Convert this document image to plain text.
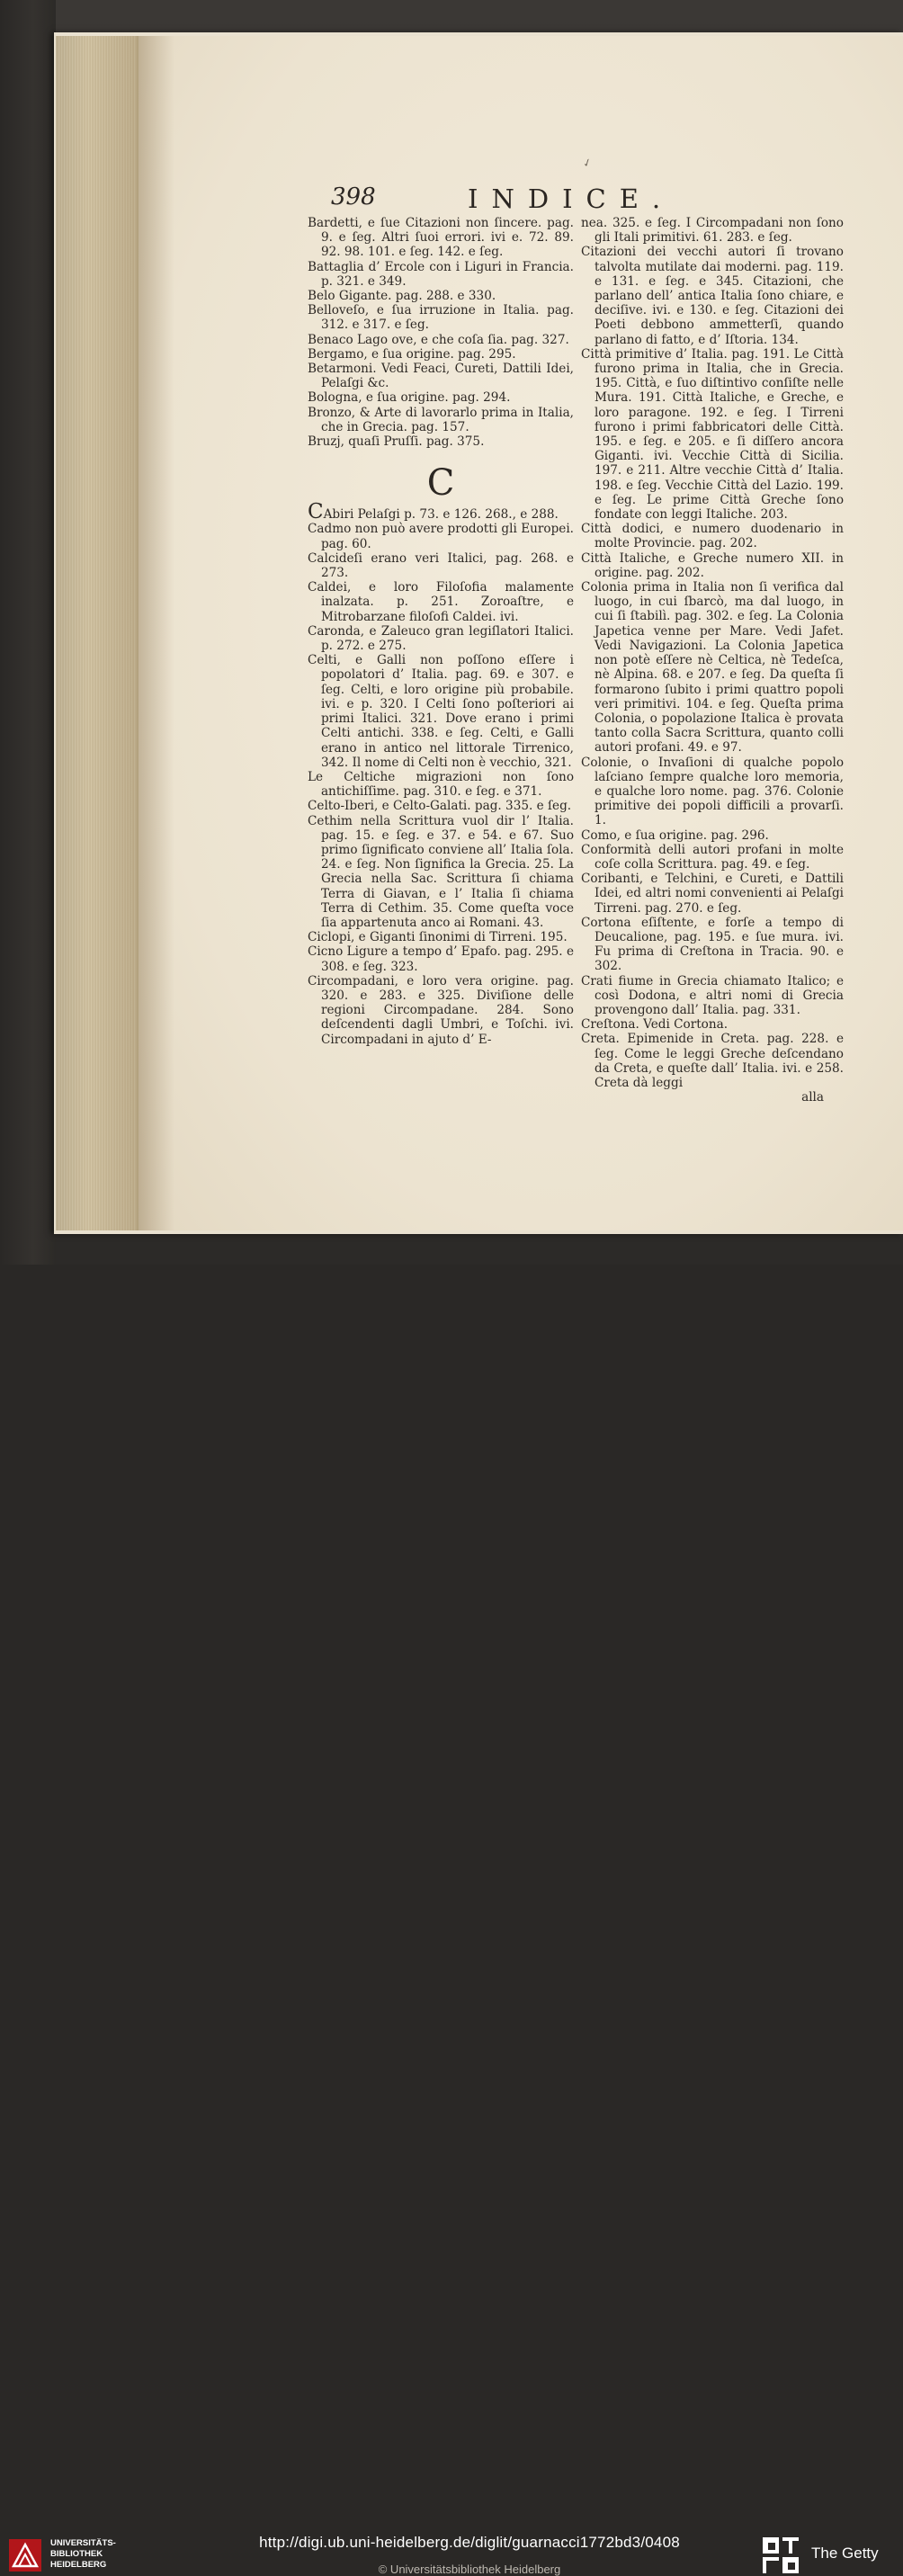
✓
398	INDICE.
Bardetti, e ſue Citazioni non ſincere. pag. 9. e ſeg. Altri ſuoi errori. ivi e. 72. 89. 92. 98. 101. e ſeg. 142. e ſeg.
Battaglia d’ Ercole con i Liguri in Francia. p. 321. e 349.
Belo Gigante. pag. 288. e 330.
Belloveſo, e ſua irruzione in Italia. pag. 312. e 317. e ſeg.
Benaco Lago ove, e che coſa ſia. pag. 327.
Bergamo, e ſua origine. pag. 295.
Betarmoni. Vedi Feaci, Cureti, Dattili Idei, Pelaſgi &c.
Bologna, e ſua origine. pag. 294.
Bronzo, & Arte di lavorarlo prima in Italia, che in Grecia. pag. 157.
Bruzj, quaſi Pruſſi. pag. 375.
C
CAbiri Pelaſgi p. 73. e 126. 268., e 288.
Cadmo non può avere prodotti gli Europei. pag. 60.
Calcideſi erano veri Italici, pag. 268. e 273.
Caldei, e loro Filoſofia malamente inalzata. p. 251. Zoroaſtre, e Mitrobarzane filoſofi Caldei. ivi.
Caronda, e Zaleuco gran legiſlatori Italici. p. 272. e 275.
Celti, e Galli non poſſono eſſere i popolatori d’ Italia. pag. 69. e 307. e ſeg. Celti, e loro origine più probabile. ivi. e p. 320. I Celti ſono poſteriori ai primi Italici. 321. Dove erano i primi Celti antichi. 338. e ſeg. Celti, e Galli erano in antico nel littorale Tirrenico, 342. Il nome di Celti non è vecchio, 321.
Le Celtiche migrazioni non ſono antichiſſime. pag. 310. e ſeg. e 371.
Celto-Iberi, e Celto-Galati. pag. 335. e ſeg.
Cethim nella Scrittura vuol dir l’ Italia. pag. 15. e ſeg. e 37. e 54. e 67. Suo primo ſignificato conviene all’ Italia ſola. 24. e ſeg. Non ſignifica la Grecia. 25. La Grecia nella Sac. Scrittura ſi chiama Terra di Giavan, e l’ Italia ſi chiama Terra di Cethim. 35. Come queſta voce ſia appartenuta anco ai Romani. 43.
Ciclopi, e Giganti ſinonimi di Tirreni. 195.
Cicno Ligure a tempo d’ Epafo. pag. 295. e 308. e ſeg. 323.
Circompadani, e loro vera origine. pag. 320. e 283. e 325. Diviſione delle regioni Circompadane. 284. Sono deſcendenti dagli Umbri, e Toſchi. ivi. Circompadani in ajuto d’ E-
nea. 325. e ſeg. I Circompadani non ſono gli Itali primitivi. 61. 283. e ſeg.
Citazioni dei vecchi autori ſi trovano talvolta mutilate dai moderni. pag. 119. e 131. e ſeg. e 345. Citazioni, che parlano dell’ antica Italia ſono chiare, e deciſive. ivi. e 130. e ſeg. Citazioni dei Poeti debbono ammetterſi, quando parlano di fatto, e d’ Iſtoria. 134.
Città primitive d’ Italia. pag. 191. Le Città furono prima in Italia, che in Grecia. 195. Città, e ſuo diſtintivo conſiſte nelle Mura. 191. Città Italiche, e Greche, e loro paragone. 192. e ſeg. I Tirreni furono i primi fabbricatori delle Città. 195. e ſeg. e 205. e ſi diſſero ancora Giganti. ivi. Vecchie Città di Sicilia. 197. e 211. Altre vecchie Città d’ Italia. 198. e ſeg. Vecchie Città del Lazio. 199. e ſeg. Le prime Città Greche ſono fondate con leggi Italiche. 203.
Città dodici, e numero duodenario in molte Provincie. pag. 202.
Città Italiche, e Greche numero XII. in origine. pag. 202.
Colonia prima in Italia non ſi verifica dal luogo, in cui ſbarcò, ma dal luogo, in cui ſi ſtabilì. pag. 302. e ſeg. La Colonia Japetica venne per Mare. Vedi Jafet. Vedi Navigazioni. La Colonia Japetica non potè eſſere nè Celtica, nè Tedeſca, nè Alpina. 68. e 207. e ſeg. Da queſta ſi formarono ſubito i primi quattro popoli veri primitivi. 104. e ſeg. Queſta prima Colonia, o popolazione Italica è provata tanto colla Sacra Scrittura, quanto colli autori profani. 49. e 97.
Colonie, o Invaſioni di qualche popolo laſciano ſempre qualche loro memoria, e qualche loro nome. pag. 376. Colonie primitive dei popoli difficili a provarſi. 1.
Como, e ſua origine. pag. 296.
Conformità delli autori profani in molte coſe colla Scrittura. pag. 49. e ſeg.
Coribanti, e Telchini, e Cureti, e Dattili Idei, ed altri nomi convenienti ai Pelaſgi Tirreni. pag. 270. e ſeg.
Cortona eſiſtente, e forſe a tempo di Deucalione, pag. 195. e ſue mura. ivi. Fu prima di Creſtona in Tracia. 90. e 302.
Crati fiume in Grecia chiamato Italico; e così Dodona, e altri nomi di Grecia provengono dall’ Italia. pag. 331.
Creſtona. Vedi Cortona.
Creta. Epimenide in Creta. pag. 228. e ſeg. Come le leggi Greche deſcendano da Creta, e queſte dall’ Italia. ivi. e 258. Creta dà leggi
alla
UNIVERSITÄTS-
BIBLIOTHEK
HEIDELBERG
http://digi.ub.uni-heidelberg.de/diglit/guarnacci1772bd3/0408
© Universitätsbibliothek Heidelberg
The Getty
